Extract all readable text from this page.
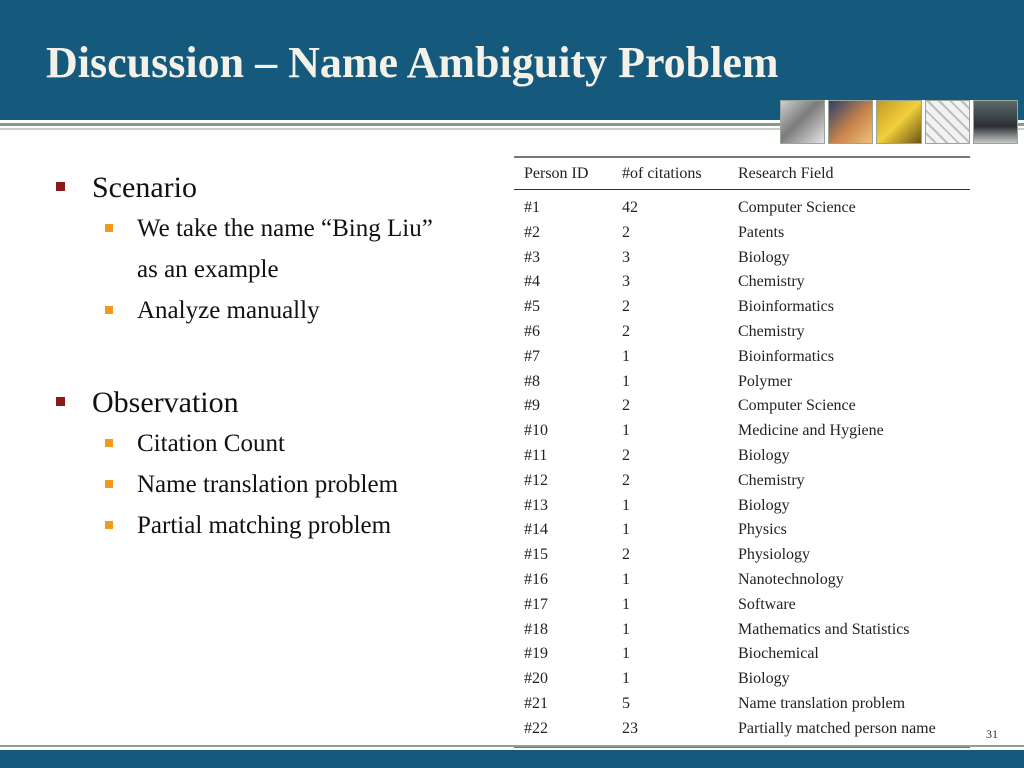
Discussion – Name Ambiguity Problem

Scenario

We take the name “Bing Liu”

as an example

Analyze manually

Observation

Citation Count

Name translation problem

Partial matching problem

Person ID	#of citations	Research Field
#1	42	Computer Science
#2	2	Patents
#3	3	Biology
#4	3	Chemistry
#5	2	Bioinformatics
#6	2	Chemistry
#7	1	Bioinformatics
#8	1	Polymer
#9	2	Computer Science
#10	1	Medicine and Hygiene
#11	2	Biology
#12	2	Chemistry
#13	1	Biology
#14	1	Physics
#15	2	Physiology
#16	1	Nanotechnology
#17	1	Software
#18	1	Mathematics and Statistics
#19	1	Biochemical
#20	1	Biology
#21	5	Name translation problem
#22	23	Partially matched person name	31
